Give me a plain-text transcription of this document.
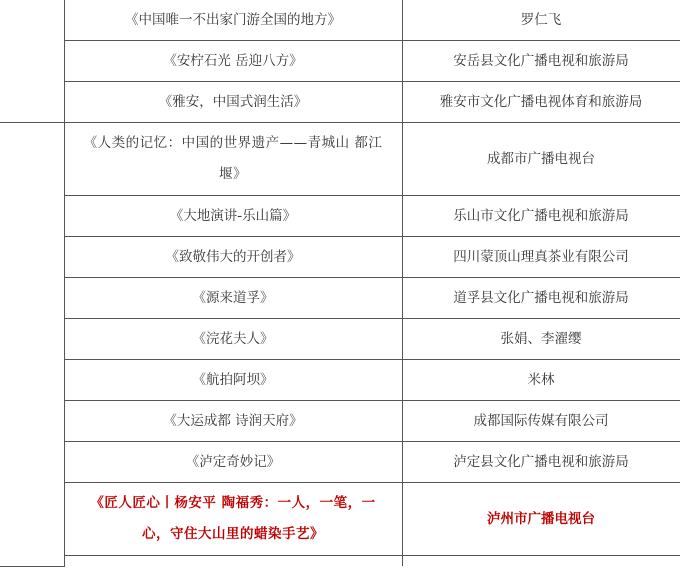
	《中国唯一不出家门游全国的地方》	罗仁飞
	《安柠石光 岳迎八方》	安岳县文化广播电视和旅游局
	《雅安，中国式润生活》	雅安市文化广播电视体育和旅游局
	《人类的记忆：中国的世界遗产——青城山 都江堰》	成都市广播电视台
	《大地演讲-乐山篇》	乐山市文化广播电视和旅游局
	《致敬伟大的开创者》	四川蒙顶山理真茶业有限公司
	《源来道孚》	道孚县文化广播电视和旅游局
	《浣花夫人》	张娟、李濯缨
	《航拍阿坝》	米林
	《大运成都 诗润天府》	成都国际传媒有限公司
	《泸定奇妙记》	泸定县文化广播电视和旅游局
	《匠人匠心丨杨安平 陶福秀：一人，一笔，一心，守住大山里的蜡染手艺》	泸州市广播电视台
